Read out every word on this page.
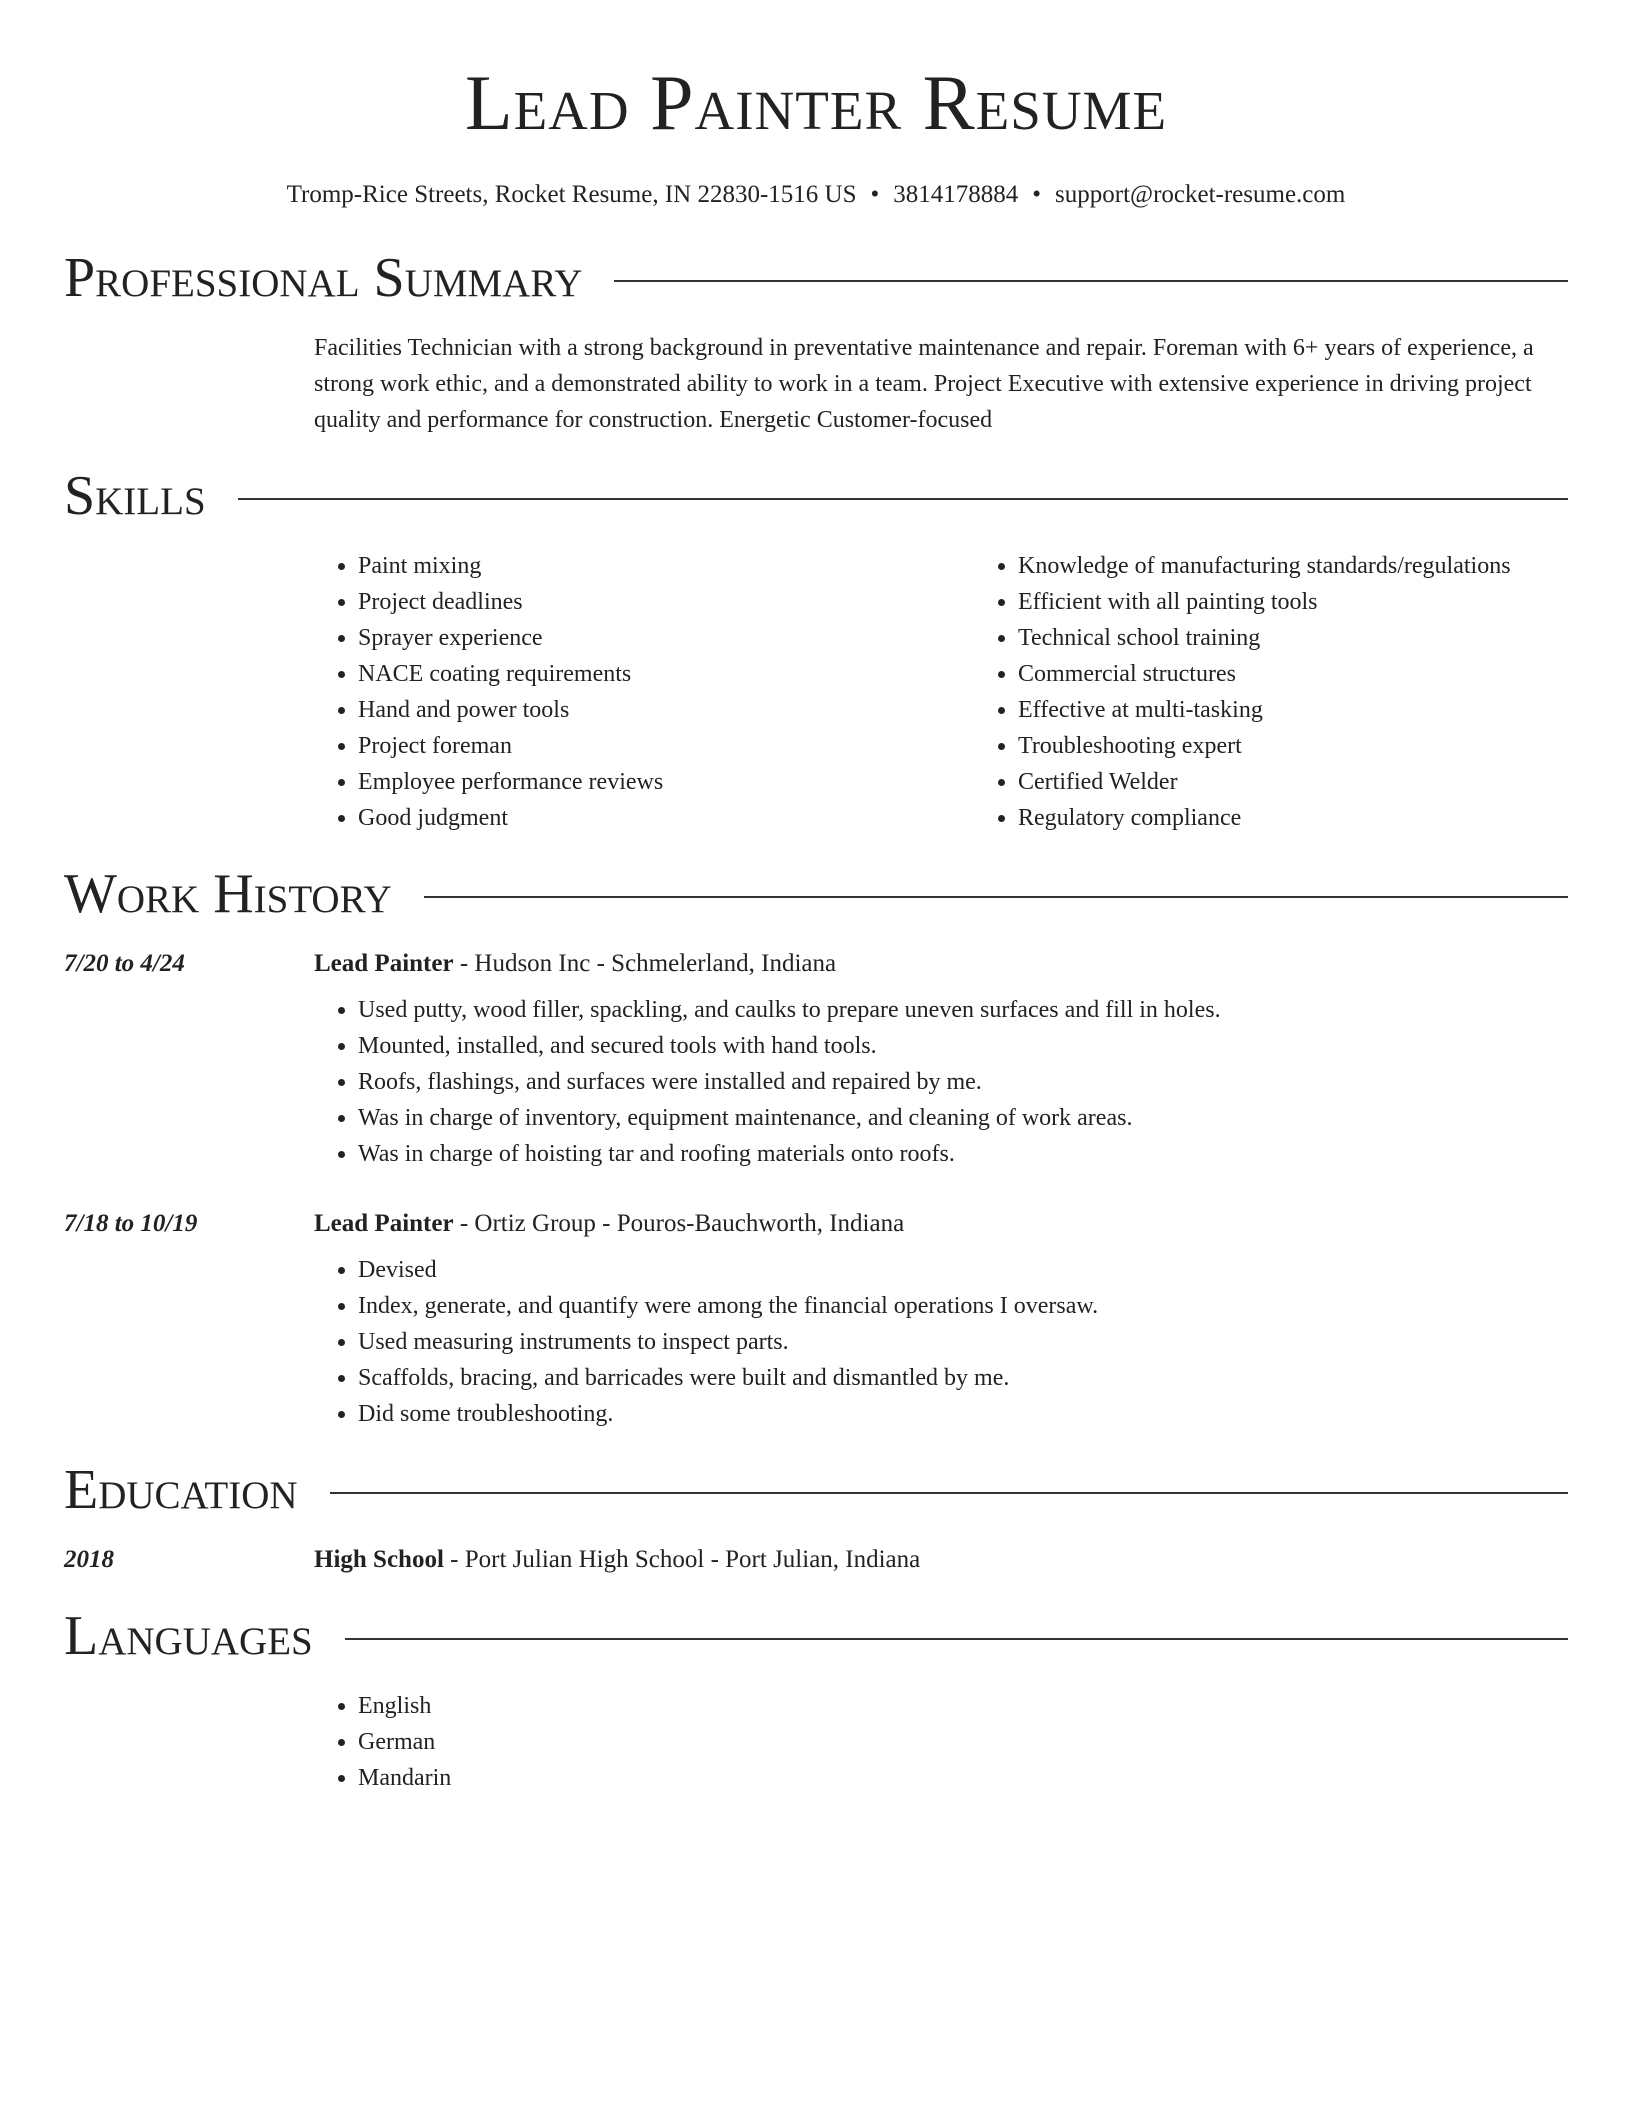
Lead Painter Resume
Tromp-Rice Streets, Rocket Resume, IN 22830-1516 US • 3814178884 • support@rocket-resume.com
Professional Summary
Facilities Technician with a strong background in preventative maintenance and repair. Foreman with 6+ years of experience, a strong work ethic, and a demonstrated ability to work in a team. Project Executive with extensive experience in driving project quality and performance for construction. Energetic Customer-focused
Skills
• Paint mixing
• Project deadlines
• Sprayer experience
• NACE coating requirements
• Hand and power tools
• Project foreman
• Employee performance reviews
• Good judgment
• Knowledge of manufacturing standards/regulations
• Efficient with all painting tools
• Technical school training
• Commercial structures
• Effective at multi-tasking
• Troubleshooting expert
• Certified Welder
• Regulatory compliance
Work History
7/20 to 4/24	Lead Painter - Hudson Inc - Schmelerland, Indiana
• Used putty, wood filler, spackling, and caulks to prepare uneven surfaces and fill in holes.
• Mounted, installed, and secured tools with hand tools.
• Roofs, flashings, and surfaces were installed and repaired by me.
• Was in charge of inventory, equipment maintenance, and cleaning of work areas.
• Was in charge of hoisting tar and roofing materials onto roofs.
7/18 to 10/19	Lead Painter - Ortiz Group - Pouros-Bauchworth, Indiana
• Devised
• Index, generate, and quantify were among the financial operations I oversaw.
• Used measuring instruments to inspect parts.
• Scaffolds, bracing, and barricades were built and dismantled by me.
• Did some troubleshooting.
Education
2018	High School - Port Julian High School - Port Julian, Indiana
Languages
• English
• German
• Mandarin
